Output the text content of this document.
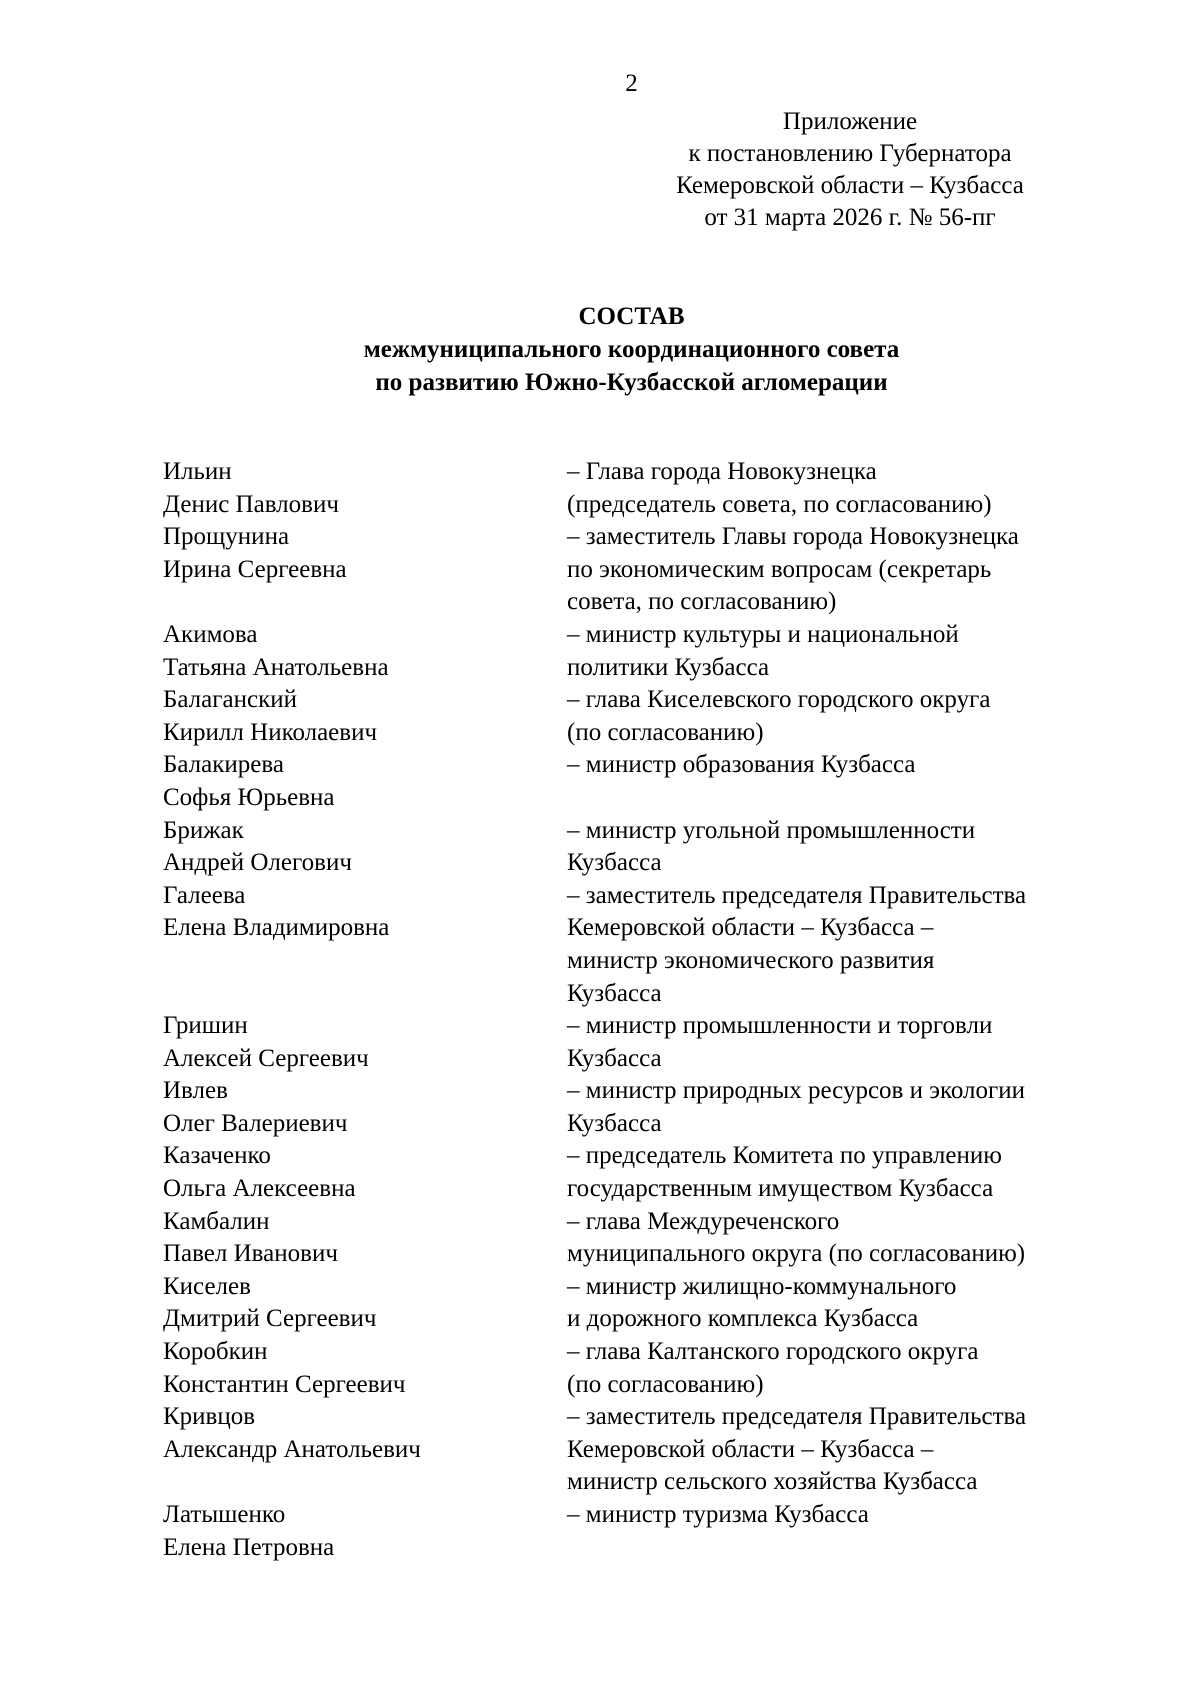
2
Приложение
к постановлению Губернатора
Кемеровской области – Кузбасса
от 31 марта 2026 г. № 56-пг
СОСТАВ
межмуниципального координационного совета
по развитию Южно-Кузбасской агломерации
Ильин
Денис Павлович
– Глава города Новокузнецка
(председатель совета, по согласованию)
Прощунина
Ирина Сергеевна

– заместитель Главы города Новокузнецка
по экономическим вопросам (секретарь
совета, по согласованию)
Акимова
Татьяна Анатольевна
– министр культуры и национальной
политики Кузбасса
Балаганский
Кирилл Николаевич
– глава Киселевского городского округа
(по согласованию)
Балакирева
Софья Юрьевна
– министр образования Кузбасса

Брижак
Андрей Олегович
– министр угольной промышленности
Кузбасса
Галеева
Елена Владимировна

– заместитель председателя Правительства
Кемеровской области – Кузбасса –
министр экономического развития
Кузбасса
Гришин
Алексей Сергеевич
– министр промышленности и торговли
Кузбасса
Ивлев
Олег Валериевич
– министр природных ресурсов и экологии
Кузбасса
Казаченко
Ольга Алексеевна
– председатель Комитета по управлению
государственным имуществом Кузбасса
Камбалин
Павел Иванович
– глава Междуреченского
муниципального округа (по согласованию)
Киселев
Дмитрий Сергеевич
– министр жилищно-коммунального
и дорожного комплекса Кузбасса
Коробкин
Константин Сергеевич
– глава Калтанского городского округа
(по согласованию)
Кривцов
Александр Анатольевич

– заместитель председателя Правительства
Кемеровской области – Кузбасса –
министр сельского хозяйства Кузбасса
Латышенко
Елена Петровна
– министр туризма Кузбасса
